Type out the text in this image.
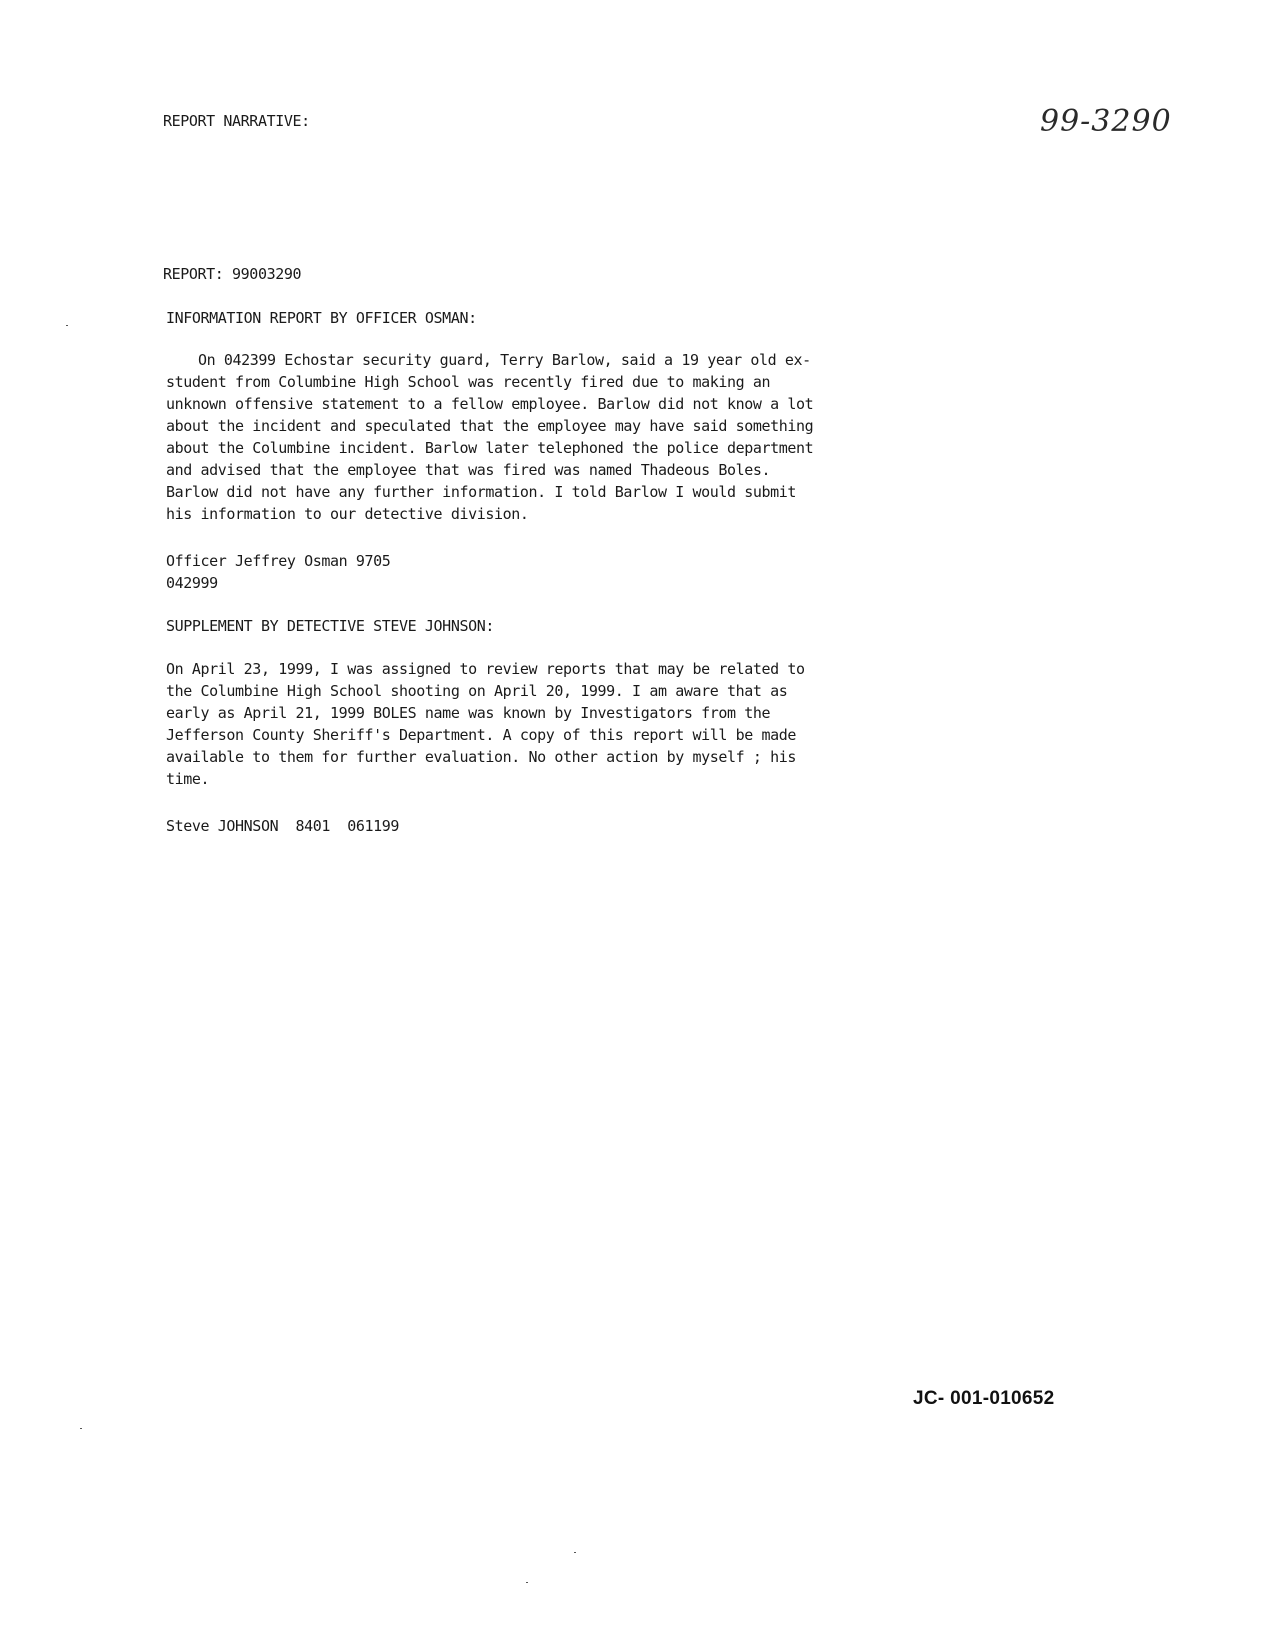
REPORT NARRATIVE:	99-3290
REPORT: 99003290
INFORMATION REPORT BY OFFICER OSMAN:

On 042399 Echostar security guard, Terry Barlow, said a 19 year old ex-student from Columbine High School was recently fired due to making an unknown offensive statement to a fellow employee. Barlow did not know a lot about the incident and speculated that the employee may have said something about the Columbine incident. Barlow later telephoned the police department and advised that the employee that was fired was named Thadeous Boles. Barlow did not have any further information. I told Barlow I would submit his information to our detective division.

Officer Jeffrey Osman 9705
042999
SUPPLEMENT BY DETECTIVE STEVE JOHNSON:

On April 23, 1999, I was assigned to review reports that may be related to the Columbine High School shooting on April 20, 1999. I am aware that as early as April 21, 1999 BOLES name was known by Investigators from the Jefferson County Sheriff's Department. A copy of this report will be made available to them for further evaluation. No other action by myself ; his time.

Steve JOHNSON  8401  061199
JC- 001-010652
